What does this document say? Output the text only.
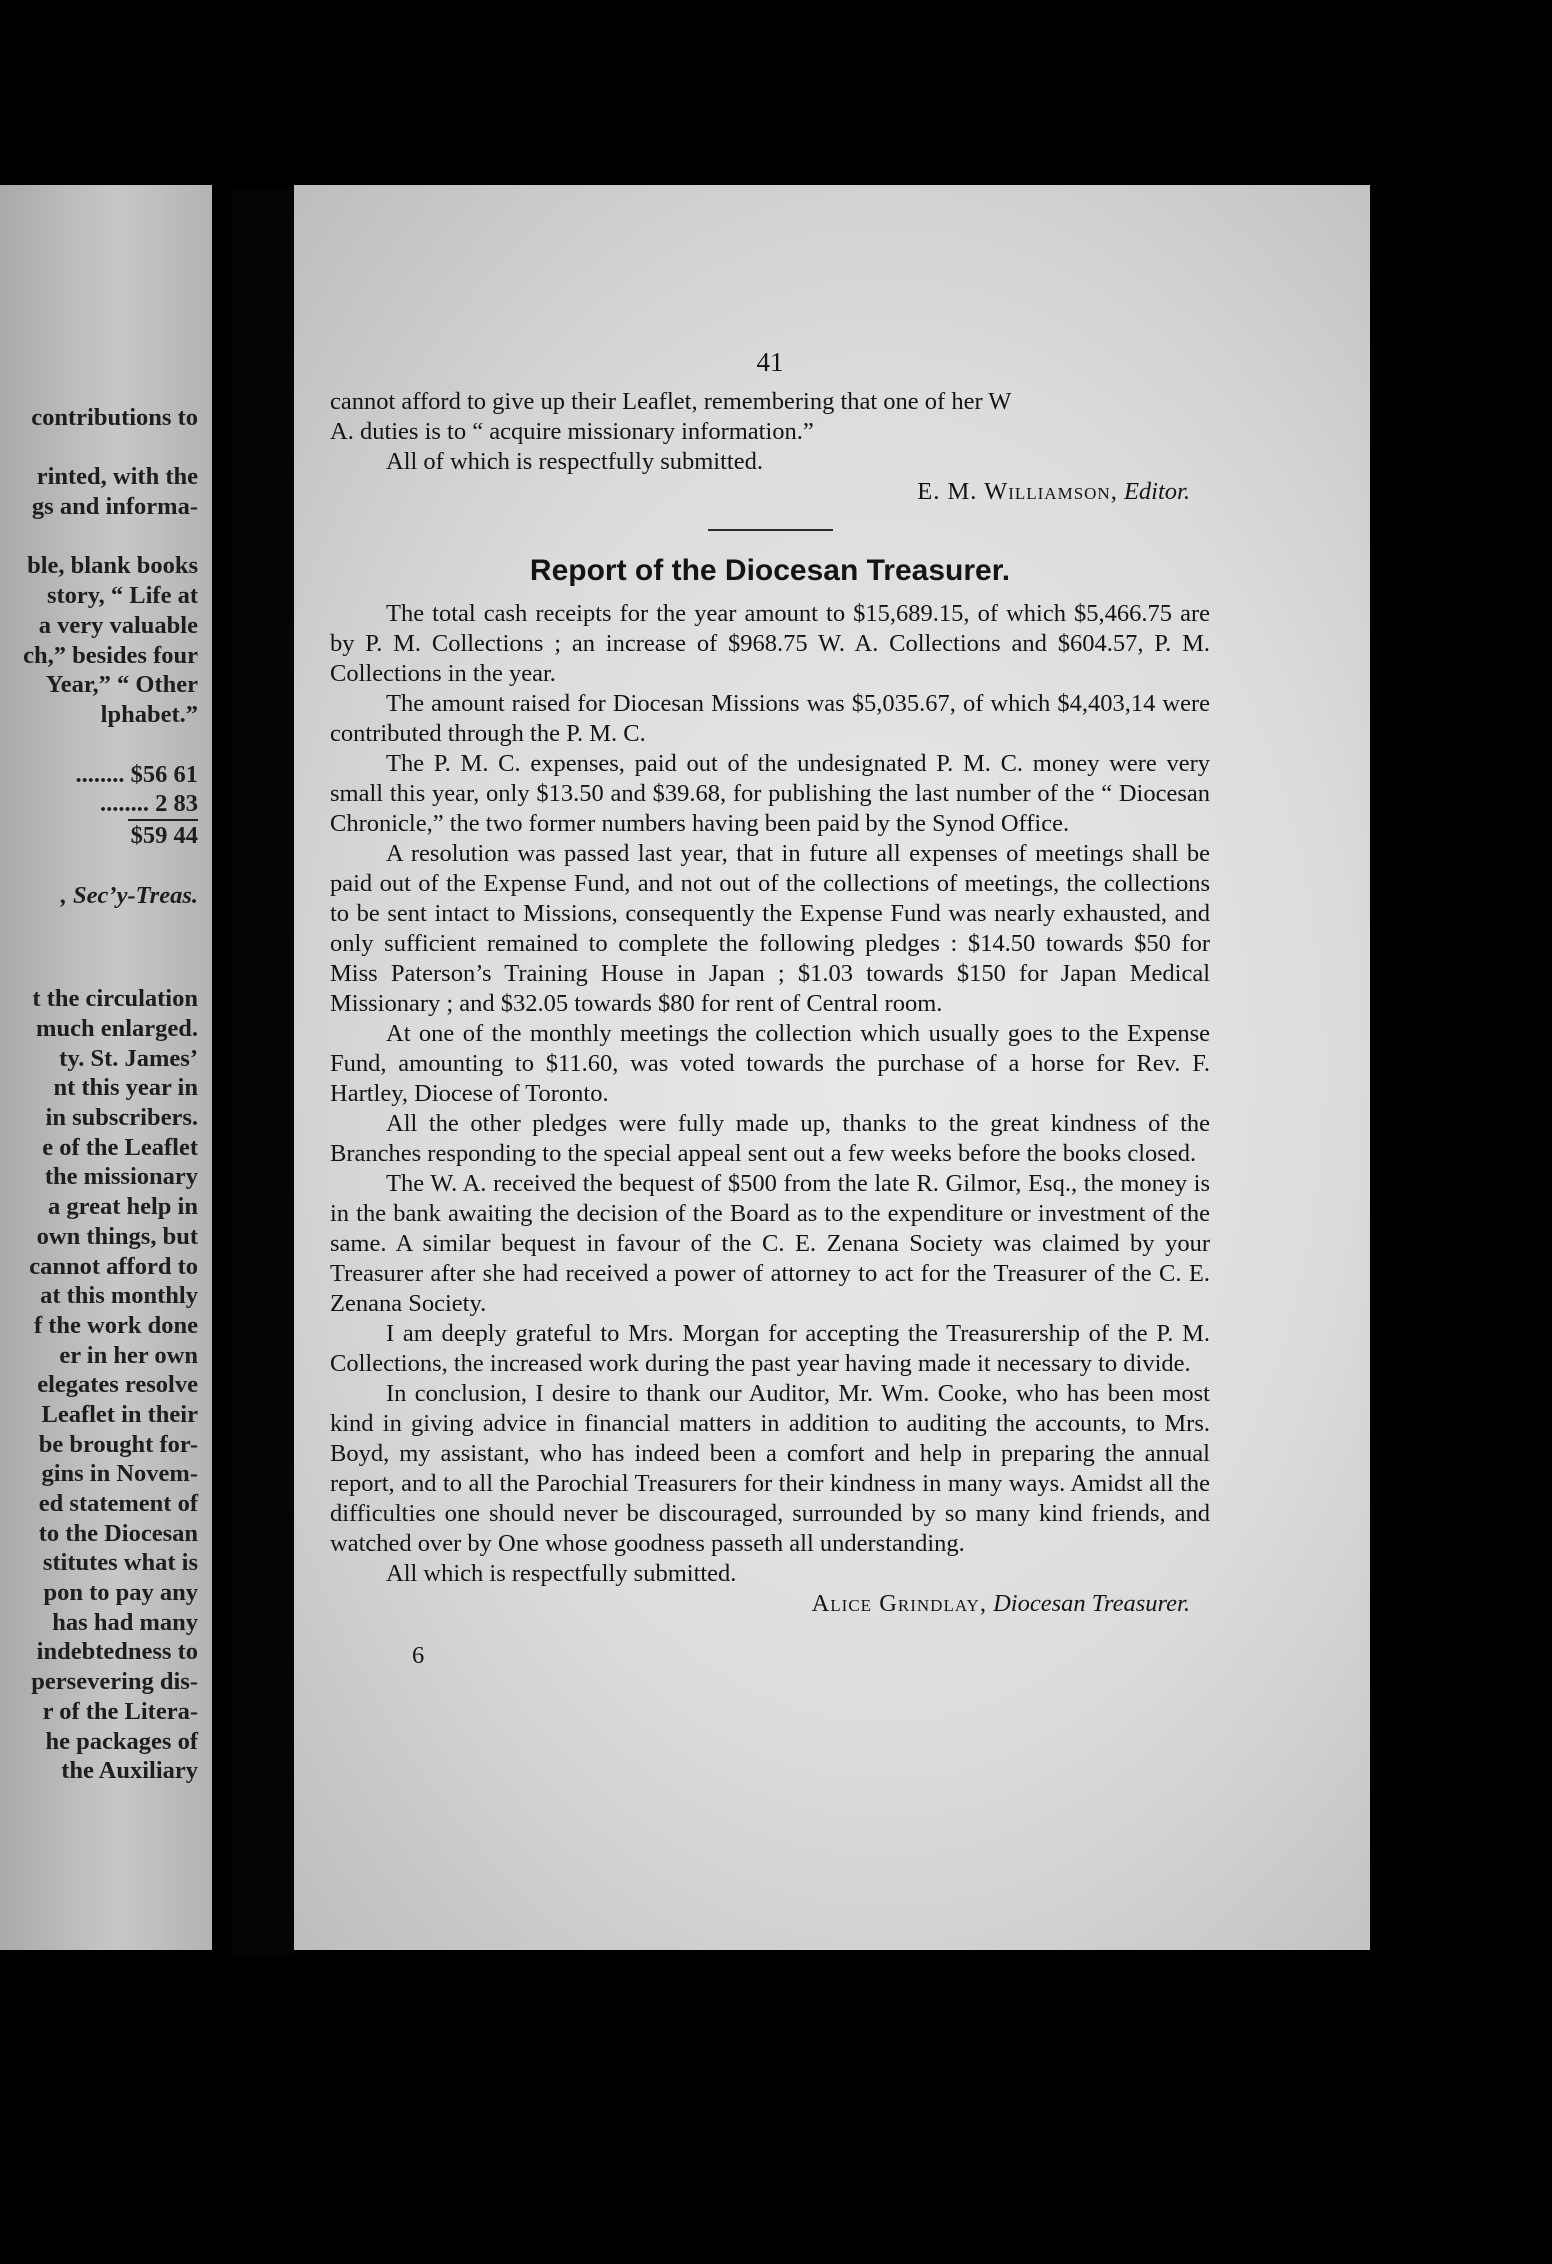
contributions to
rinted, with the
gs and informa-
ble, blank books
story, “ Life at
a very valuable
ch,” besides four
Year,” “ Other
lphabet.”
........ $56 61
........ 2 83
$59 44
, Sec’y-Treas.
t the circulation
much enlarged.
ty. St. James’
nt this year in
in subscribers.
e of the Leaflet
the missionary
a great help in
own things, but
cannot afford to
at this monthly
f the work done
er in her own
elegates resolve
Leaflet in their
be brought for-
gins in Novem-
ed statement of
to the Diocesan
stitutes what is
pon to pay any
has had many
indebtedness to
persevering dis-
r of the Litera-
he packages of
the Auxiliary
41

cannot afford to give up their Leaflet, remembering that one of her W

A. duties is to “ acquire missionary information.”

All of which is respectfully submitted.

E. M. Williamson, Editor.
Report of the Diocesan Treasurer.

The total cash receipts for the year amount to $15,689.15, of which $5,466.75 are by P. M. Collections ; an increase of $968.75 W. A. Collections and $604.57, P. M. Collections in the year.

The amount raised for Diocesan Missions was $5,035.67, of which $4,403,14 were contributed through the P. M. C.

The P. M. C. expenses, paid out of the undesignated P. M. C. money were very small this year, only $13.50 and $39.68, for publishing the last number of the “ Diocesan Chronicle,” the two former numbers having been paid by the Synod Office.

A resolution was passed last year, that in future all expenses of meetings shall be paid out of the Expense Fund, and not out of the collections of meetings, the collections to be sent intact to Missions, consequently the Expense Fund was nearly exhausted, and only sufficient remained to complete the following pledges : $14.50 towards $50 for Miss Paterson’s Training House in Japan ; $1.03 towards $150 for Japan Medical Missionary ; and $32.05 towards $80 for rent of Central room.

At one of the monthly meetings the collection which usually goes to the Expense Fund, amounting to $11.60, was voted towards the purchase of a horse for Rev. F. Hartley, Diocese of Toronto.

All the other pledges were fully made up, thanks to the great kindness of the Branches responding to the special appeal sent out a few weeks before the books closed.

The W. A. received the bequest of $500 from the late R. Gilmor, Esq., the money is in the bank awaiting the decision of the Board as to the expenditure or investment of the same. A similar bequest in favour of the C. E. Zenana Society was claimed by your Treasurer after she had received a power of attorney to act for the Treasurer of the C. E. Zenana Society.

I am deeply grateful to Mrs. Morgan for accepting the Treasurership of the P. M. Collections, the increased work during the past year having made it necessary to divide.

In conclusion, I desire to thank our Auditor, Mr. Wm. Cooke, who has been most kind in giving advice in financial matters in addition to auditing the accounts, to Mrs. Boyd, my assistant, who has indeed been a comfort and help in preparing the annual report, and to all the Parochial Treasurers for their kindness in many ways. Amidst all the difficulties one should never be discouraged, surrounded by so many kind friends, and watched over by One whose goodness passeth all understanding.

All which is respectfully submitted.

Alice Grindlay, Diocesan Treasurer.
6
